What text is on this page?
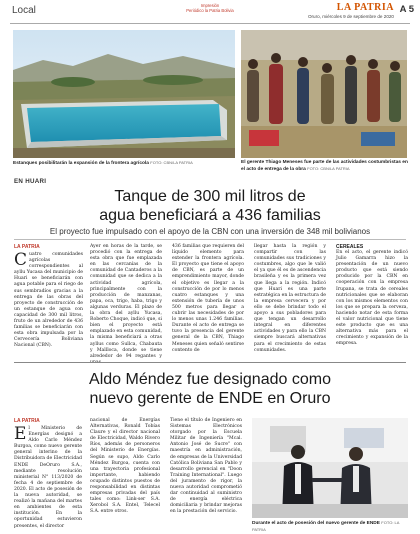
Local	Impresión
Periódico la Patria Bolivia	LA PATRIA
Oruro, miércoles 9 de septiembre de 2020
A 5
Estanques posibilitarán la expansión de la frontera agrícola FOTO: CBN/LA PATRIA	El gerente Thiago Meneses fue parte de las actividades costumbristas en el acto de entrega de la obra FOTO: CBN/LA PATRIA
EN HUARI
Tanque de 300 mil litros de
agua beneficiará a 436 familias
El proyecto fue impulsado con el apoyo de la CBN con una inversión de 348 mil bolivianos
LA PATRIA
Cuatro comunidades agrícolas correspondientes al ayllu Yucasa del municipio de Huari se beneficiarán con agua potable para el riego de sus sembradíos gracias a la entrega de las obras del proyecto de construcción de un estanque de agua con capacidad de 300 mil litros, fruto de un alrededor de 436 familias se beneficiarán con esta obra impulsada por la Cervecería Boliviana Nacional (CBN).
Ayer en horas de la tarde, se procedió con la entrega de esta obra que fue emplazada en las cercanías de la comunidad de Cantaderos a la comunidad que se dedica a la actividad agrícola, principalmente con la producción de manzanas, papa, oca, trigo, haba, trigo y algunas verduras. El plazo de la obra del ayllu Yucasa, Roberto Choque, indicó que, si bien el proyecto está emplazado en esta comunidad, la misma beneficiará a otras ayllus como Sullca, Chabauta y Mallloca, donde se tiene alrededor de 94 regantes y
436 familias que requieren del líquido elemento para extender la frontera agrícola. El proyecto que tiene el apoyo de CBN, es parte de un emprendimiento mayor, donde el objetivo es llegar a la construcción de por lo menos cuatro estanques y una extensión de tubería de unos 500 metros para llegar a cubrir las necesidades de por lo menos unas 1.246 familias. Durante el acto de entrega se tuvo la presencia del gerente general de la CBN, Thiago Meneses quien señaló sentirse contento de
llegar hasta la región y compartir con las comunidades sus tradiciones y costumbres, algo que le valió el ya que él es de ascendencia brasileña y es la primera vez que llega a la región. Indicó que Huari es una parte estratégica en la estructura de la empresa cervecera y por ello se debe brindar todo el apoyo a sus pobladores para que tengan un desarrollo integral en diferentes actividades y para ello la CBN siempre buscará alternativas para el crecimiento de estas comunidades.
CEREALES
En el acto, el gerente indicó Julio Gamarra hizo la presentación de un nuevo producto que está siendo producido por la CBN en cooperación con la empresa Irupana, se trata de cereales nutricionales que se elaboran con los mismos elementos con los que se prepara la cerveza, haciendo notar de esta forma el valor nutricional que tiene este producto que es una alternativa más para el crecimiento y expansión de la empresa.
Aldo Méndez fue designado como
nuevo gerente de ENDE en Oruro
LA PATRIA
El Ministerio de Energías designó a Aldo Carlo Méndez Burgoa, como nuevo gerente general interino de la Distribuidora de Electricidad ENDE DeOruro S.A., mediante resolución ministerial N° 113/2020 de fecha 4 de septiembre de 2020. El acto de posesión de la nueva autoridad, se realizó la mañana del martes en ambientes de esta institución. En la oportunidad estuvieron presentes, el director
nacional de Energías Alternativas, Ronald Tobías Claure y el director nacional de Electricidad, Waldo Rivero Ríos, además de personeros del Ministerio de Energías. Según se supo, Aldo Carlo Méndez Burgoa, cuenta con una trayectoria profesional importante, habiendo ocupado distintos puestos de responsabilidad en distintas empresas privadas del país tales como: Link-ser S.A. Xerobol S.A. Entel, Telecel S.A. entre otros.
Tiene el título de Ingeniero en Sistemas Electrónicos otorgado por la Escuela Militar de Ingeniería "Mcal. Antonio José de Sucre" con maestría en administración, de empresas de la Universidad Católica Boliviana San Pablo y desarrollo gerencial en "Doon Training International". Luego del juramento de rigor, la nueva autoridad comprometió dar continuidad al suministro de energía eléctrica domiciliaria y brindar mejoras en la prestación del servicio.
Durante el acto de posesión del nuevo gerente de ENDE FOTO: LA PATRIA
